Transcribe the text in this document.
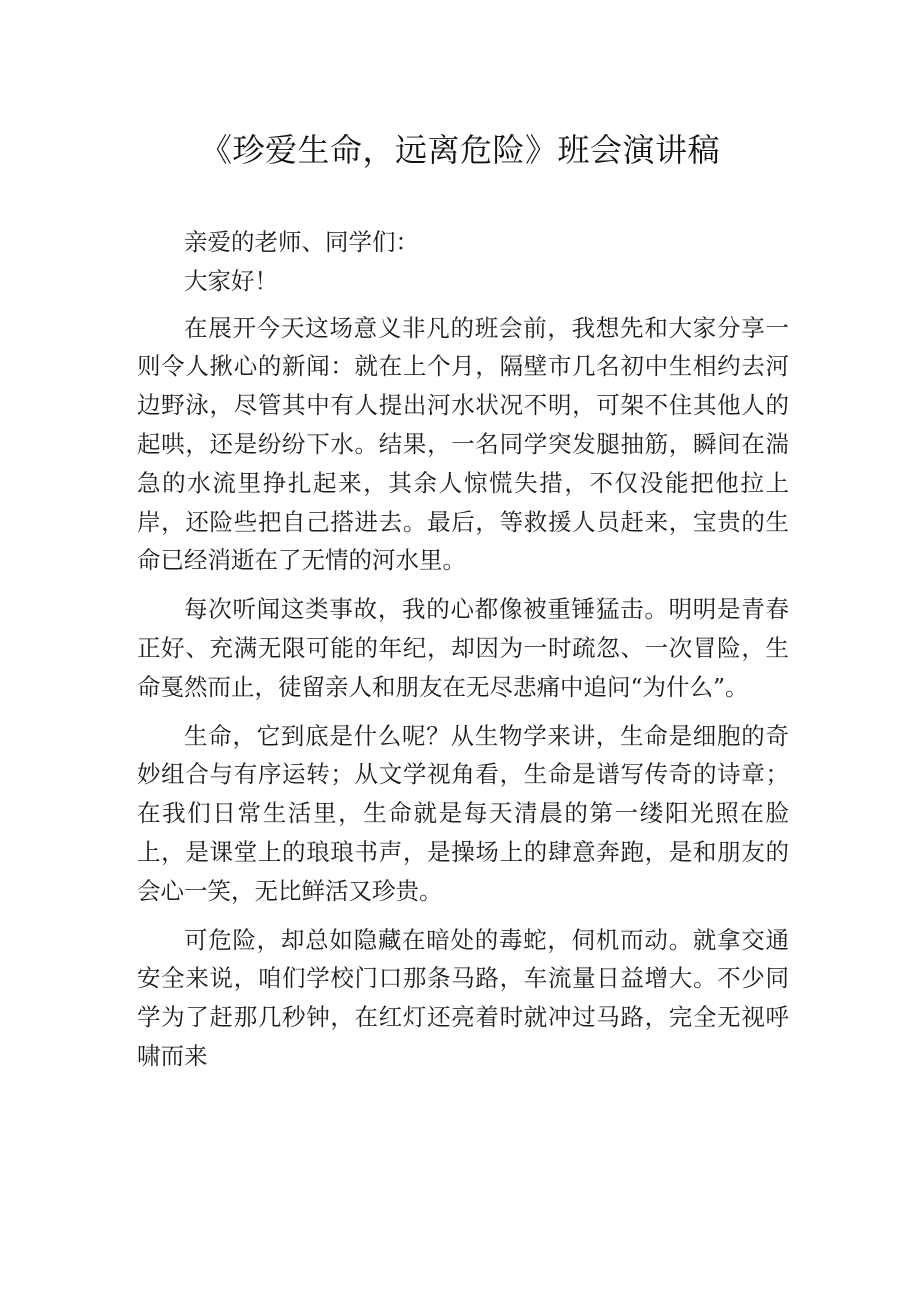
《珍爱生命，远离危险》班会演讲稿

亲爱的老师、同学们：

大家好！

在展开今天这场意义非凡的班会前，我想先和大家分享一则令人揪心的新闻：就在上个月，隔壁市几名初中生相约去河边野泳，尽管其中有人提出河水状况不明，可架不住其他人的起哄，还是纷纷下水。结果，一名同学突发腿抽筋，瞬间在湍急的水流里挣扎起来，其余人惊慌失措，不仅没能把他拉上岸，还险些把自己搭进去。最后，等救援人员赶来，宝贵的生命已经消逝在了无情的河水里。

每次听闻这类事故，我的心都像被重锤猛击。明明是青春正好、充满无限可能的年纪，却因为一时疏忽、一次冒险，生命戛然而止，徒留亲人和朋友在无尽悲痛中追问“为什么”。

生命，它到底是什么呢？从生物学来讲，生命是细胞的奇妙组合与有序运转；从文学视角看，生命是谱写传奇的诗章；在我们日常生活里，生命就是每天清晨的第一缕阳光照在脸上，是课堂上的琅琅书声，是操场上的肆意奔跑，是和朋友的会心一笑，无比鲜活又珍贵。

可危险，却总如隐藏在暗处的毒蛇，伺机而动。就拿交通安全来说，咱们学校门口那条马路，车流量日益增大。不少同学为了赶那几秒钟，在红灯还亮着时就冲过马路，完全无视呼啸而来
